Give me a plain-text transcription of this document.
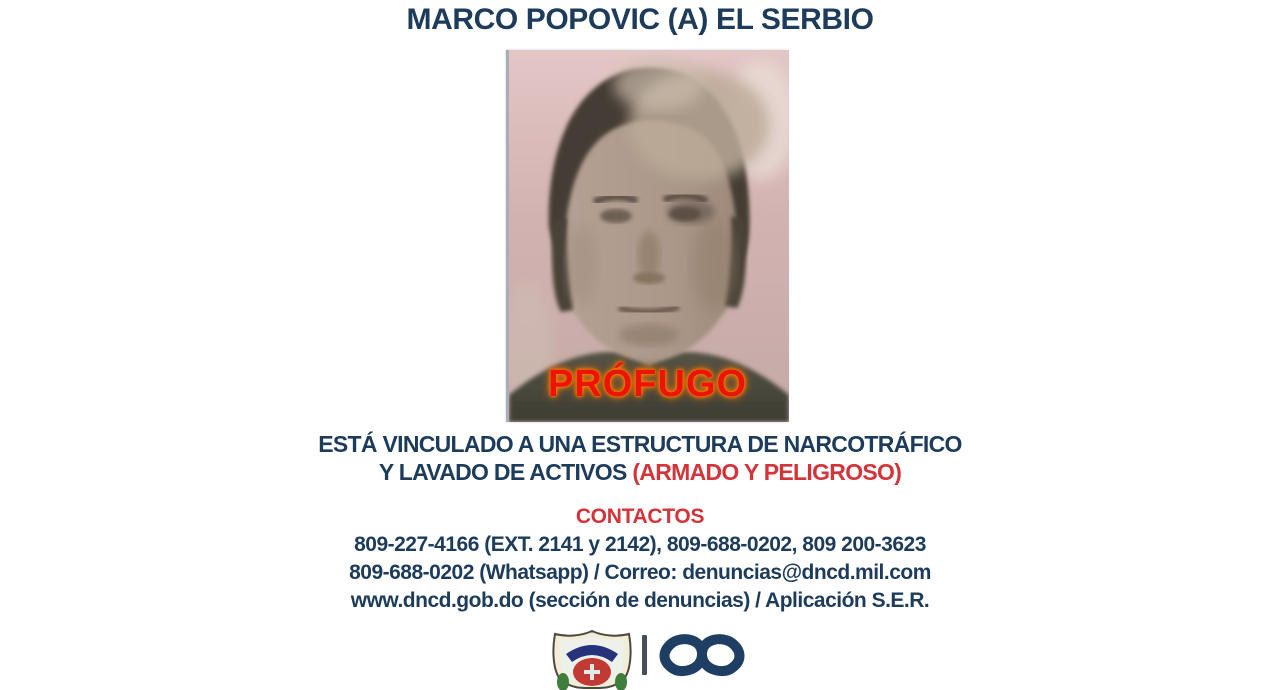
MARCO POPOVIC (A) EL SERBIO
PRÓFUGO
ESTÁ VINCULADO A UNA ESTRUCTURA DE NARCOTRÁFICO
Y LAVADO DE ACTIVOS (ARMADO Y PELIGROSO)
CONTACTOS
809-227-4166 (EXT. 2141 y 2142), 809-688-0202, 809 200-3623
809-688-0202 (Whatsapp) / Correo: denuncias@dncd.mil.com
www.dncd.gob.do (sección de denuncias) / Aplicación S.E.R.
